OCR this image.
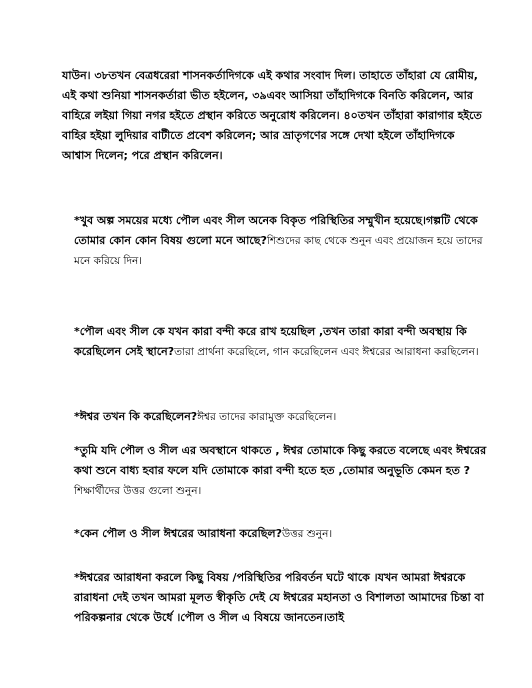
যাউন। ৩৮তখন বেত্রধরেরা শাসনকর্তাদিগকে এই কথার সংবাদ দিল। তাহাতে তাঁহারা যে রোমীয়, এই কথা শুনিয়া শাসনকর্তারা ভীত হইলেন, ৩৯এবং আসিয়া তাঁহাদিগকে বিনতি করিলেন, আর বাহিরে লইয়া গিয়া নগর হইতে প্রস্থান করিতে অনুরোধ করিলেন। ৪০তখন তাঁহারা কারাগার হইতে বাহির হইয়া লুদিয়ার বাটীতে প্রবেশ করিলেন; আর ভ্রাতৃগণের সঙ্গে দেখা হইলে তাঁহাদিগকে আশ্বাস দিলেন; পরে প্রস্থান করিলেন।

*খুব অল্প সময়ের মধ্যে পৌল এবং সীল অনেক বিকৃত পরিস্থিতির সম্মুখীন হয়েছে।গল্পটি থেকে তোমার কোন কোন বিষয় গুলো মনে আছে?শিশুদের কাছ থেকে শুনুন এবং প্রয়োজন হয়ে তাদের মনে করিয়ে দিন।

*পৌল এবং সীল কে যখন কারা বন্দী করে রাখ হয়েছিল ,তখন তারা কারা বন্দী অবস্থায় কি করেছিলেন সেই স্থানে?তারা প্রার্থনা করেছিলে, গান করেছিলেন এবং ঈশ্বরের আরাধনা করছিলেন।

*ঈশ্বর তখন কি করেছিলেন?ঈশ্বর তাদের কারামুক্ত করেছিলেন।

*তুমি যদি পৌল ও সীল এর অবস্থানে থাকতে , ঈশ্বর তোমাকে কিছু করতে বলেছে এবং ঈশ্বরের কথা শুনে বাধ্য হবার ফলে যদি তোমাকে কারা বন্দী হতে হত ,তোমার অনুভূতি কেমন হত ?শিক্ষার্থীদের উত্তর গুলো শুনুন।

*কেন পৌল ও সীল ঈশ্বরের আরাধনা করেছিল?উত্তর শুনুন।

*ঈশ্বরের আরাধনা করলে কিছু বিষয় /পরিস্থিতির পরিবর্তন ঘটে থাকে ।যখন আমরা ঈশ্বরকে রারাধনা দেই তখন আমরা মূলত স্বীকৃতি দেই যে ঈশ্বরের মহানতা ও বিশালতা আমাদের চিন্তা বা পরিকল্পনার থেকে উর্ধে ।পৌল ও সীল এ বিষয়ে জানতেন।তাই
